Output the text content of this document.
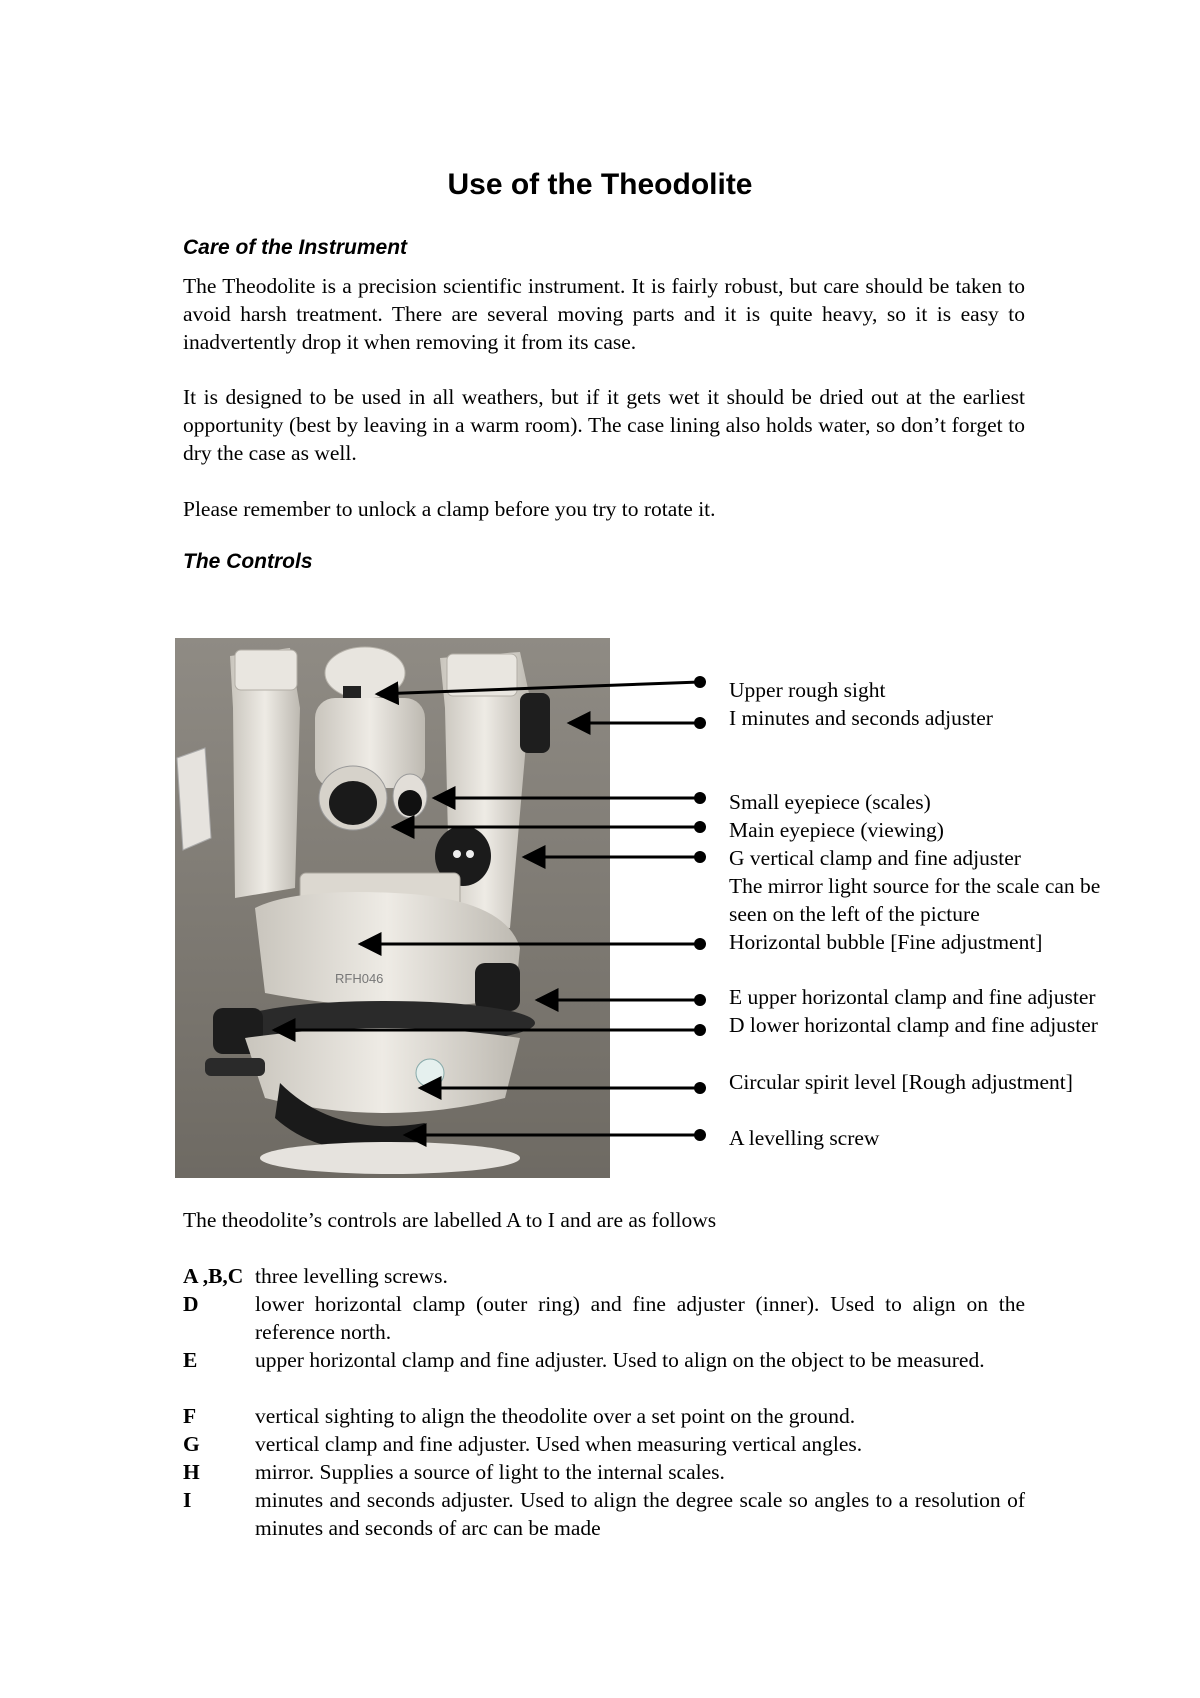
Use of the Theodolite
Care of the Instrument
The Theodolite is a precision scientific instrument. It is fairly robust, but care should be taken to avoid harsh treatment. There are several moving parts and it is quite heavy, so it is easy to inadvertently drop it when removing it from its case.
It is designed to be used in all weathers, but if it gets wet it should be dried out at the earliest opportunity (best by leaving in a warm room). The case lining also holds water, so don’t forget to dry the case as well.
Please remember to unlock a clamp before you try to rotate it.
The Controls
RFH046
Upper rough sight
I minutes and seconds adjuster
Small eyepiece (scales)
Main eyepiece (viewing)
G vertical clamp and fine adjuster
The mirror light source for the scale can be
seen on the left of the picture
Horizontal bubble [Fine adjustment]
E upper horizontal clamp and fine adjuster
D lower horizontal clamp and fine adjuster
Circular spirit level [Rough adjustment]
A levelling screw
The theodolite’s controls are labelled A to I and are as follows
A ,B,C three levelling screws.
D	lower horizontal clamp (outer ring) and fine adjuster (inner). Used to align on the reference north.
E	upper horizontal clamp and fine adjuster. Used to align on the object to be measured.
F	vertical sighting to align the theodolite over a set point on the ground.
G	vertical clamp and fine adjuster. Used when measuring vertical angles.
H	mirror. Supplies a source of light to the internal scales.
I	minutes and seconds adjuster. Used to align the degree scale so angles to a resolution of minutes and seconds of arc can be made
